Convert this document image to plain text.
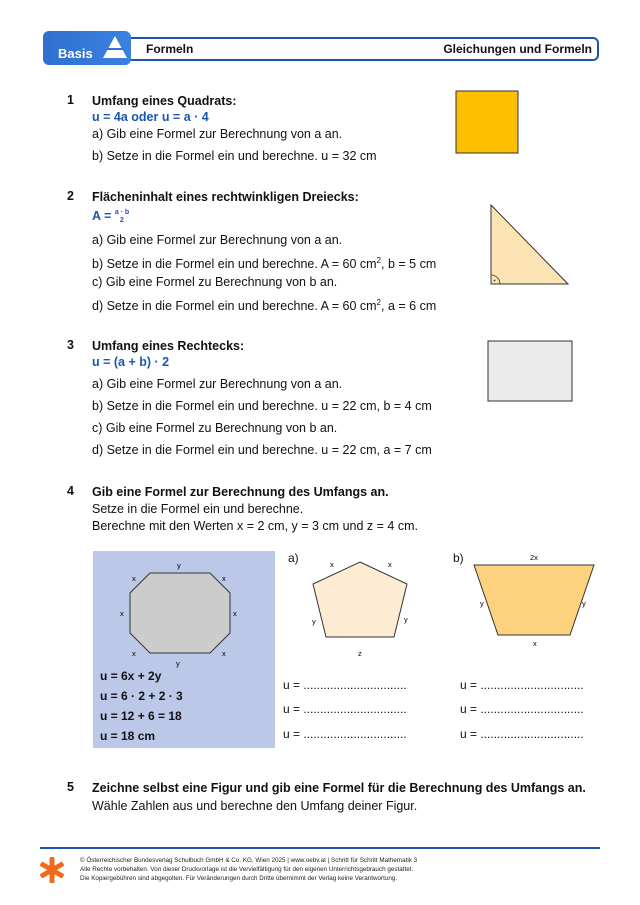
Basis	Formeln	Gleichungen und Formeln
1 Umfang eines Quadrats:
u = 4a oder u = a · 4
a) Gib eine Formel zur Berechnung von a an.
b) Setze in die Formel ein und berechne. u = 32 cm
2 Flächeninhalt eines rechtwinkligen Dreiecks:
A = a · b
2
a) Gib eine Formel zur Berechnung von a an.
b) Setze in die Formel ein und berechne. A = 60 $cm^2$, b = 5 cm
c) Gib eine Formel zu Berechnung von b an.
d) Setze in die Formel ein und berechne. A = 60 $cm^2$, a = 6 cm
3 Umfang eines Rechtecks:
u = (a + b) · 2
a) Gib eine Formel zur Berechnung von a an.
b) Setze in die Formel ein und berechne. u = 22 cm, b = 4 cm
c) Gib eine Formel zu Berechnung von b an.
d) Setze in die Formel ein und berechne. u = 22 cm, a = 7 cm
4 Gib eine Formel zur Berechnung des Umfangs an.
Setze in die Formel ein und berechne.
Berechne mit den Werten x = 2 cm, y = 3 cm und z = 4 cm.
y
x	x
x	x
y
x	x
u = 6x + 2y
u = 6 · 2 + 2 · 3
u = 12 + 6 = 18
u = 18 cm
a)	x	x
y	y
z
b)	2x
y	y
x
u = ...............................
u = ...............................
u = ...............................
u = ...............................
u = ...............................
u = ...............................
5 Zeichne selbst eine Figur und gib eine Formel für die Berechnung des Umfangs an.
Wähle Zahlen aus und berechne den Umfang deiner Figur.
© Österreichischer Bundesverlag Schulbuch GmbH & Co. KG, Wien 2025 | www.oebv.at | Schritt für Schritt Mathematik 3
Alle Rechte vorbehalten. Von dieser Druckvorlage ist die Vervielfältigung für den eigenen Unterrichtsgebrauch gestattet.
Die Kopiergebühren sind abgegolten. Für Veränderungen durch Dritte übernimmt der Verlag keine Verantwortung.
